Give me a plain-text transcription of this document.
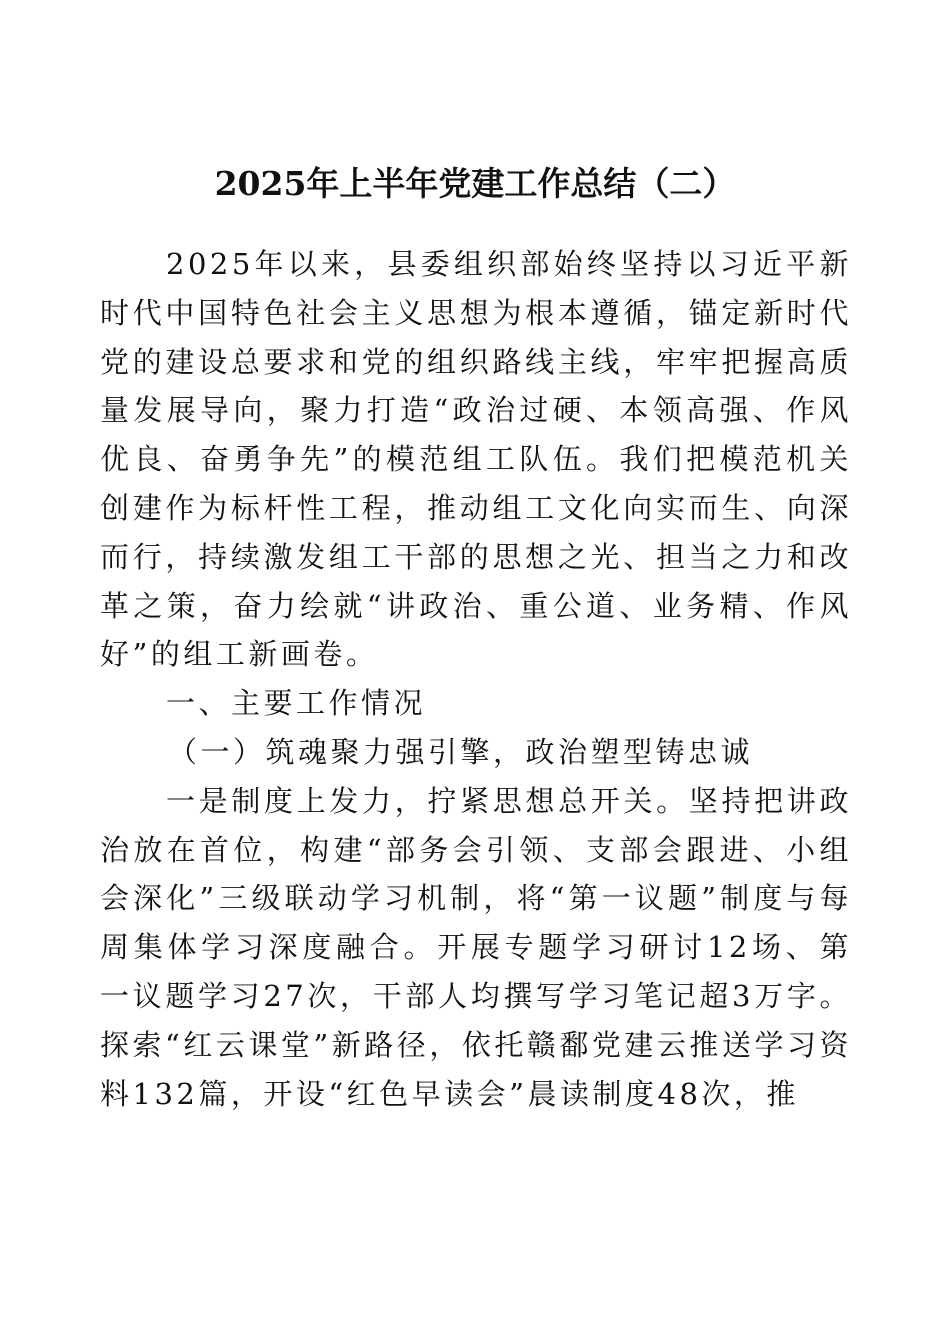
2025年上半年党建工作总结（二）

2025年以来，县委组织部始终坚持以习近平新时代中国特色社会主义思想为根本遵循，锚定新时代党的建设总要求和党的组织路线主线，牢牢把握高质量发展导向，聚力打造“政治过硬、本领高强、作风优良、奋勇争先”的模范组工队伍。我们把模范机关创建作为标杆性工程，推动组工文化向实而生、向深而行，持续激发组工干部的思想之光、担当之力和改革之策，奋力绘就“讲政治、重公道、业务精、作风好”的组工新画卷。

一、主要工作情况

（一）筑魂聚力强引擎，政治塑型铸忠诚

一是制度上发力，拧紧思想总开关。坚持把讲政治放在首位，构建“部务会引领、支部会跟进、小组会深化”三级联动学习机制，将“第一议题”制度与每周集体学习深度融合。开展专题学习研讨12场、第一议题学习27次，干部人均撰写学习笔记超3万字。探索“红云课堂”新路径，依托赣鄱党建云推送学习资料132篇，开设“红色早读会”晨读制度48次，推
